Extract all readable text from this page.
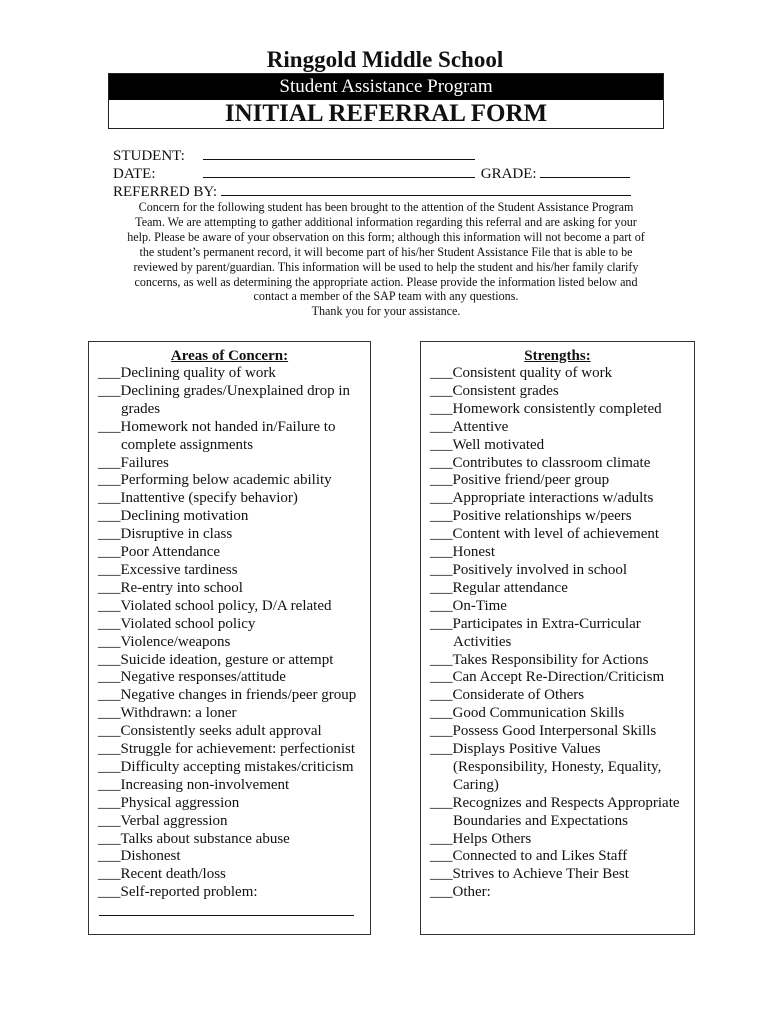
Ringgold Middle School
Student Assistance Program
INITIAL REFERRAL FORM
STUDENT:
DATE:	GRADE:
REFERRED BY:
Concern for the following student has been brought to the attention of the Student Assistance Program
Team. We are attempting to gather additional information regarding this referral and are asking for your
help. Please be aware of your observation on this form; although this information will not become a part of
the student’s permanent record, it will become part of his/her Student Assistance File that is able to be
reviewed by parent/guardian. This information will be used to help the student and his/her family clarify
concerns, as well as determining the appropriate action. Please provide the information listed below and
contact a member of the SAP team with any questions.
Thank you for your assistance.
Areas of Concern:
___Declining quality of work
___Declining grades/Unexplained drop in grades
___Homework not handed in/Failure to complete assignments
___Failures
___Performing below academic ability
___Inattentive (specify behavior)
___Declining motivation
___Disruptive in class
___Poor Attendance
___Excessive tardiness
___Re-entry into school
___Violated school policy, D/A related
___Violated school policy
___Violence/weapons
___Suicide ideation, gesture or attempt
___Negative responses/attitude
___Negative changes in friends/peer group
___Withdrawn: a loner
___Consistently seeks adult approval
___Struggle for achievement: perfectionist
___Difficulty accepting mistakes/criticism
___Increasing non-involvement
___Physical aggression
___Verbal aggression
___Talks about substance abuse
___Dishonest
___Recent death/loss
___Self-reported problem:
Strengths:
___Consistent quality of work
___Consistent grades
___Homework consistently completed
___Attentive
___Well motivated
___Contributes to classroom climate
___Positive friend/peer group
___Appropriate interactions w/adults
___Positive relationships w/peers
___Content with level of achievement
___Honest
___Positively involved in school
___Regular attendance
___On-Time
___Participates in Extra-Curricular Activities
___Takes Responsibility for Actions
___Can Accept Re-Direction/Criticism
___Considerate of Others
___Good Communication Skills
___Possess Good Interpersonal Skills
___Displays Positive Values (Responsibility, Honesty, Equality, Caring)
___Recognizes and Respects Appropriate Boundaries and Expectations
___Helps Others
___Connected to and Likes Staff
___Strives to Achieve Their Best
___Other:
